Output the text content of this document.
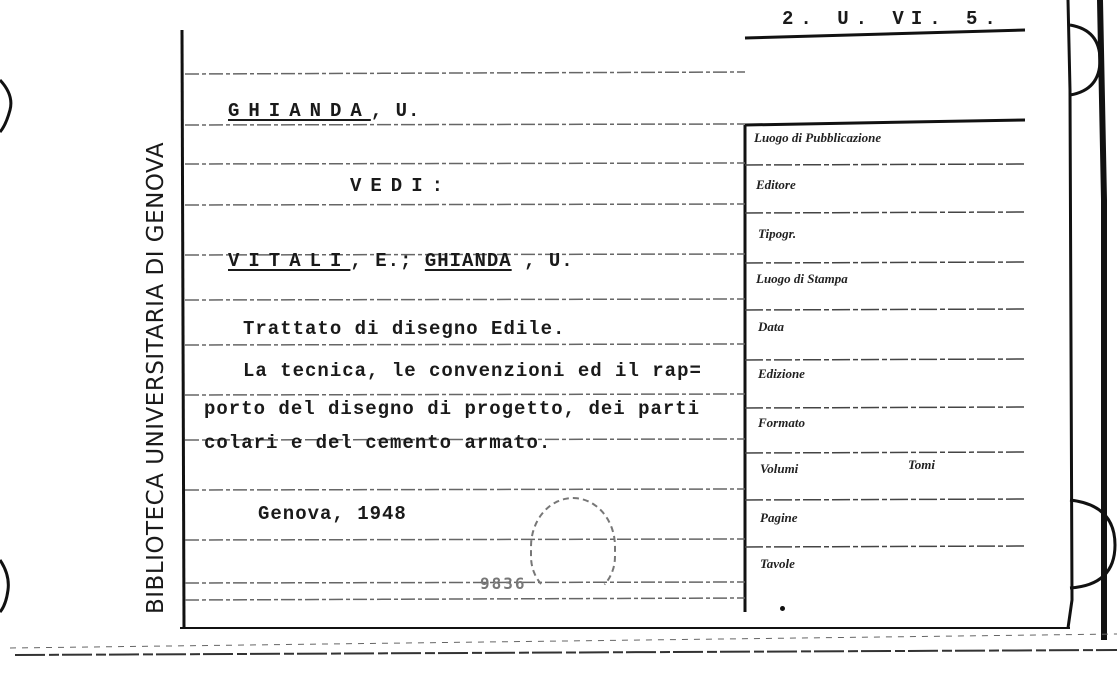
BIBLIOTECA UNIVERSITARIA DI GENOVA
2. U. VI. 5.
GHIANDA, U.
VEDI:
VITALI, E.; GHIANDA , U.
Trattato di disegno Edile.
La tecnica, le convenzioni ed il rap=
porto del disegno di progetto, dei parti
colari e del cemento armato.
Genova, 1948
9836
Luogo di Pubblicazione
Editore
Tipogr.
Luogo di Stampa
Data
Edizione
Formato
Volumi	Tomi
Pagine
Tavole
